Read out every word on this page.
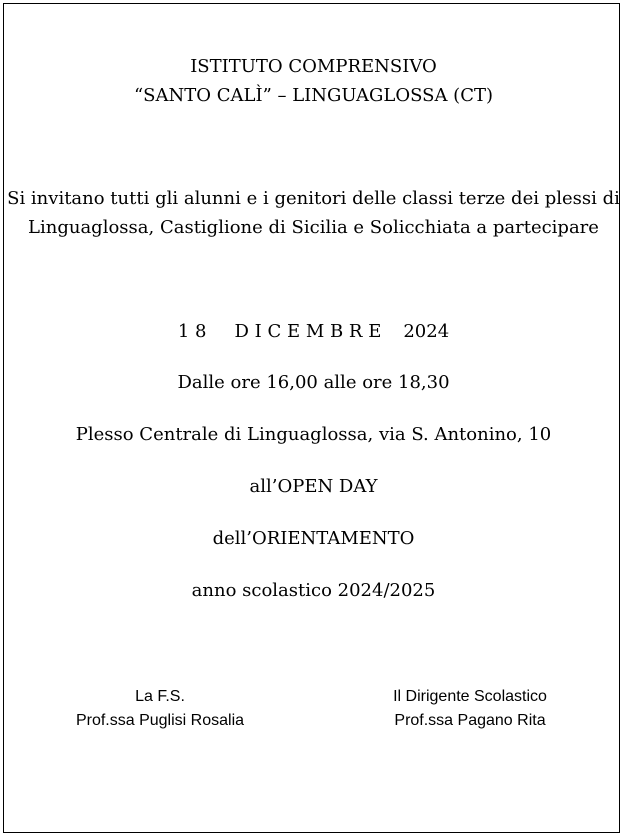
ISTITUTO COMPRENSIVO
“SANTO CALÌ” – LINGUAGLOSSA (CT)
Si invitano tutti gli alunni e i genitori delle classi terze dei plessi di
Linguaglossa, Castiglione di Sicilia e Solicchiata a partecipare
1 8 D I C E M B R E 2024
Dalle ore 16,00 alle ore 18,30
Plesso Centrale di Linguaglossa, via S. Antonino, 10
all’OPEN DAY
dell’ORIENTAMENTO
anno scolastico 2024/2025
La F.S.
Prof.ssa Puglisi Rosalia
Il Dirigente Scolastico
Prof.ssa Pagano Rita
